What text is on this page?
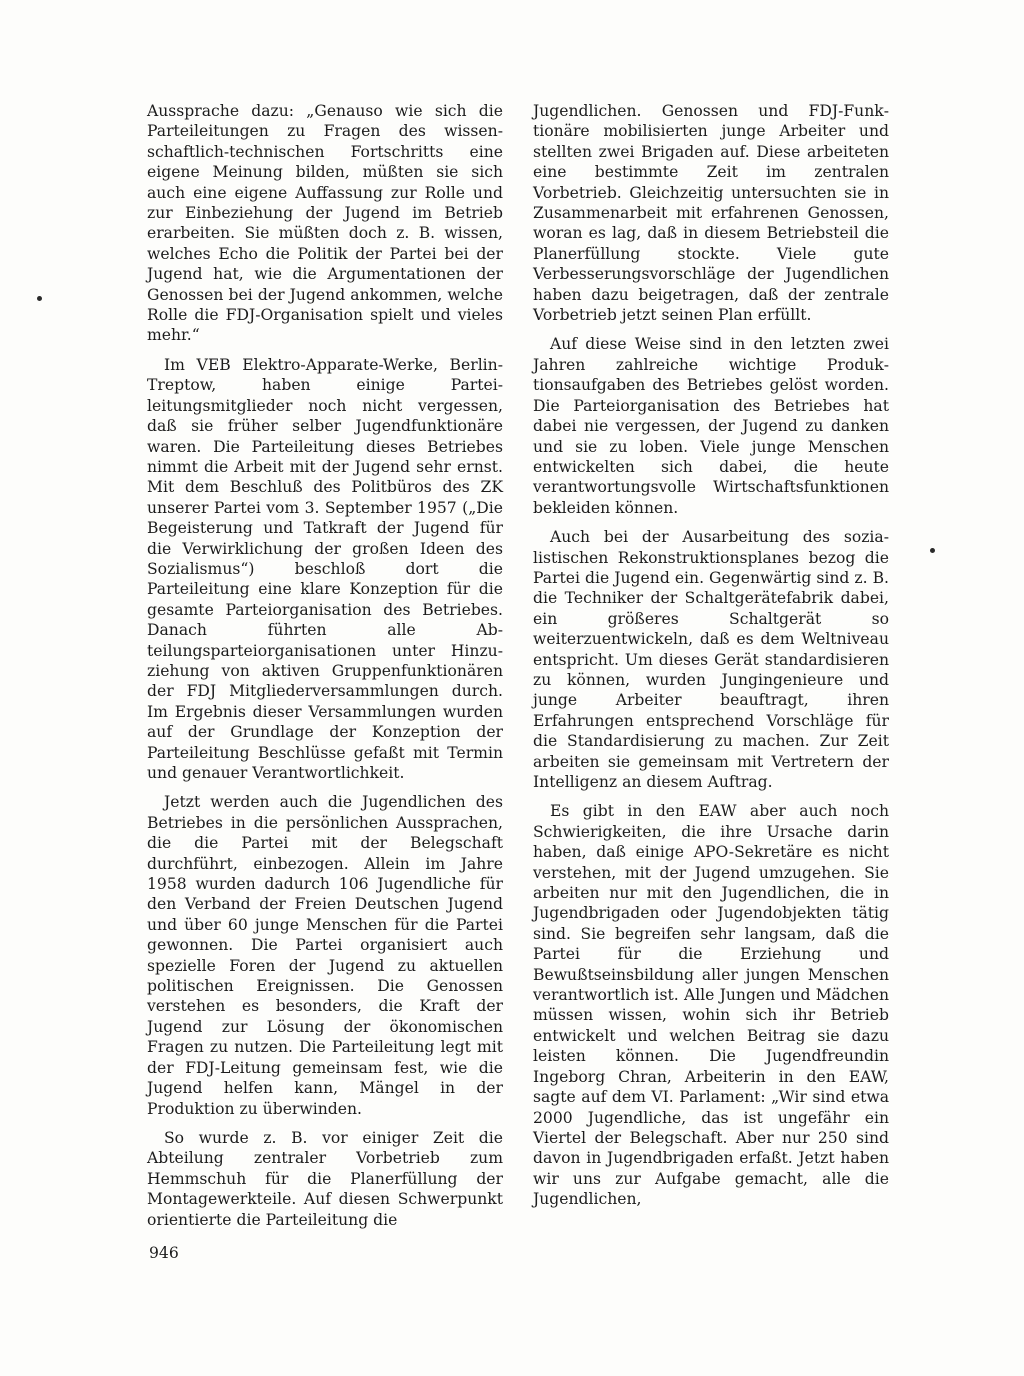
Aussprache dazu: „Genauso wie sich die Parteileitungen zu Fragen des wissenschaftlich-technischen Fortschritts eine eigene Meinung bilden, müßten sie sich auch eine eigene Auffassung zur Rolle und zur Einbeziehung der Jugend im Betrieb erarbeiten. Sie müßten doch z. B. wissen, welches Echo die Politik der Partei bei der Jugend hat, wie die Argumentationen der Genossen bei der Jugend ankommen, welche Rolle die FDJ-Organisation spielt und vieles mehr.“

Im VEB Elektro-Apparate-Werke, Berlin-Treptow, haben einige Parteileitungsmitglieder noch nicht vergessen, daß sie früher selber Jugendfunktionäre waren. Die Parteileitung dieses Betriebes nimmt die Arbeit mit der Jugend sehr ernst. Mit dem Beschluß des Politbüros des ZK unserer Partei vom 3. September 1957 („Die Begeisterung und Tatkraft der Jugend für die Verwirklichung der großen Ideen des Sozialismus“) beschloß dort die Parteileitung eine klare Konzeption für die gesamte Parteiorganisation des Betriebes. Danach führten alle Abteilungsparteiorganisationen unter Hinzuziehung von aktiven Gruppenfunktionären der FDJ Mitgliederversammlungen durch. Im Ergebnis dieser Versammlungen wurden auf der Grundlage der Konzeption der Parteileitung Beschlüsse gefaßt mit Termin und genauer Verantwortlichkeit.

Jetzt werden auch die Jugendlichen des Betriebes in die persönlichen Aussprachen, die die Partei mit der Belegschaft durchführt, einbezogen. Allein im Jahre 1958 wurden dadurch 106 Jugendliche für den Verband der Freien Deutschen Jugend und über 60 junge Menschen für die Partei gewonnen. Die Partei organisiert auch spezielle Foren der Jugend zu aktuellen politischen Ereignissen. Die Genossen verstehen es besonders, die Kraft der Jugend zur Lösung der ökonomischen Fragen zu nutzen. Die Parteileitung legt mit der FDJ-Leitung gemeinsam fest, wie die Jugend helfen kann, Mängel in der Produktion zu überwinden.

So wurde z. B. vor einiger Zeit die Abteilung zentraler Vorbetrieb zum Hemmschuh für die Planerfüllung der Montagewerkteile. Auf diesen Schwerpunkt orientierte die Parteileitung die

Jugendlichen. Genossen und FDJ-Funktionäre mobilisierten junge Arbeiter und stellten zwei Brigaden auf. Diese arbeiteten eine bestimmte Zeit im zentralen Vorbetrieb. Gleichzeitig untersuchten sie in Zusammenarbeit mit erfahrenen Genossen, woran es lag, daß in diesem Betriebsteil die Planerfüllung stockte. Viele gute Verbesserungsvorschläge der Jugendlichen haben dazu beigetragen, daß der zentrale Vorbetrieb jetzt seinen Plan erfüllt.

Auf diese Weise sind in den letzten zwei Jahren zahlreiche wichtige Produktionsaufgaben des Betriebes gelöst worden. Die Parteiorganisation des Betriebes hat dabei nie vergessen, der Jugend zu danken und sie zu loben. Viele junge Menschen entwickelten sich dabei, die heute verantwortungsvolle Wirtschaftsfunktionen bekleiden können.

Auch bei der Ausarbeitung des sozialistischen Rekonstruktionsplanes bezog die Partei die Jugend ein. Gegenwärtig sind z. B. die Techniker der Schaltgerätefabrik dabei, ein größeres Schaltgerät so weiterzuentwickeln, daß es dem Weltniveau entspricht. Um dieses Gerät standardisieren zu können, wurden Jungingenieure und junge Arbeiter beauftragt, ihren Erfahrungen entsprechend Vorschläge für die Standardisierung zu machen. Zur Zeit arbeiten sie gemeinsam mit Vertretern der Intelligenz an diesem Auftrag.

Es gibt in den EAW aber auch noch Schwierigkeiten, die ihre Ursache darin haben, daß einige APO-Sekretäre es nicht verstehen, mit der Jugend umzugehen. Sie arbeiten nur mit den Jugendlichen, die in Jugendbrigaden oder Jugendobjekten tätig sind. Sie begreifen sehr langsam, daß die Partei für die Erziehung und Bewußtseinsbildung aller jungen Menschen verantwortlich ist. Alle Jungen und Mädchen müssen wissen, wohin sich ihr Betrieb entwickelt und welchen Beitrag sie dazu leisten können. Die Jugendfreundin Ingeborg Chran, Arbeiterin in den EAW, sagte auf dem VI. Parlament: „Wir sind etwa 2000 Jugendliche, das ist ungefähr ein Viertel der Belegschaft. Aber nur 250 sind davon in Jugendbrigaden erfaßt. Jetzt haben wir uns zur Aufgabe gemacht, alle die Jugendlichen,

946
